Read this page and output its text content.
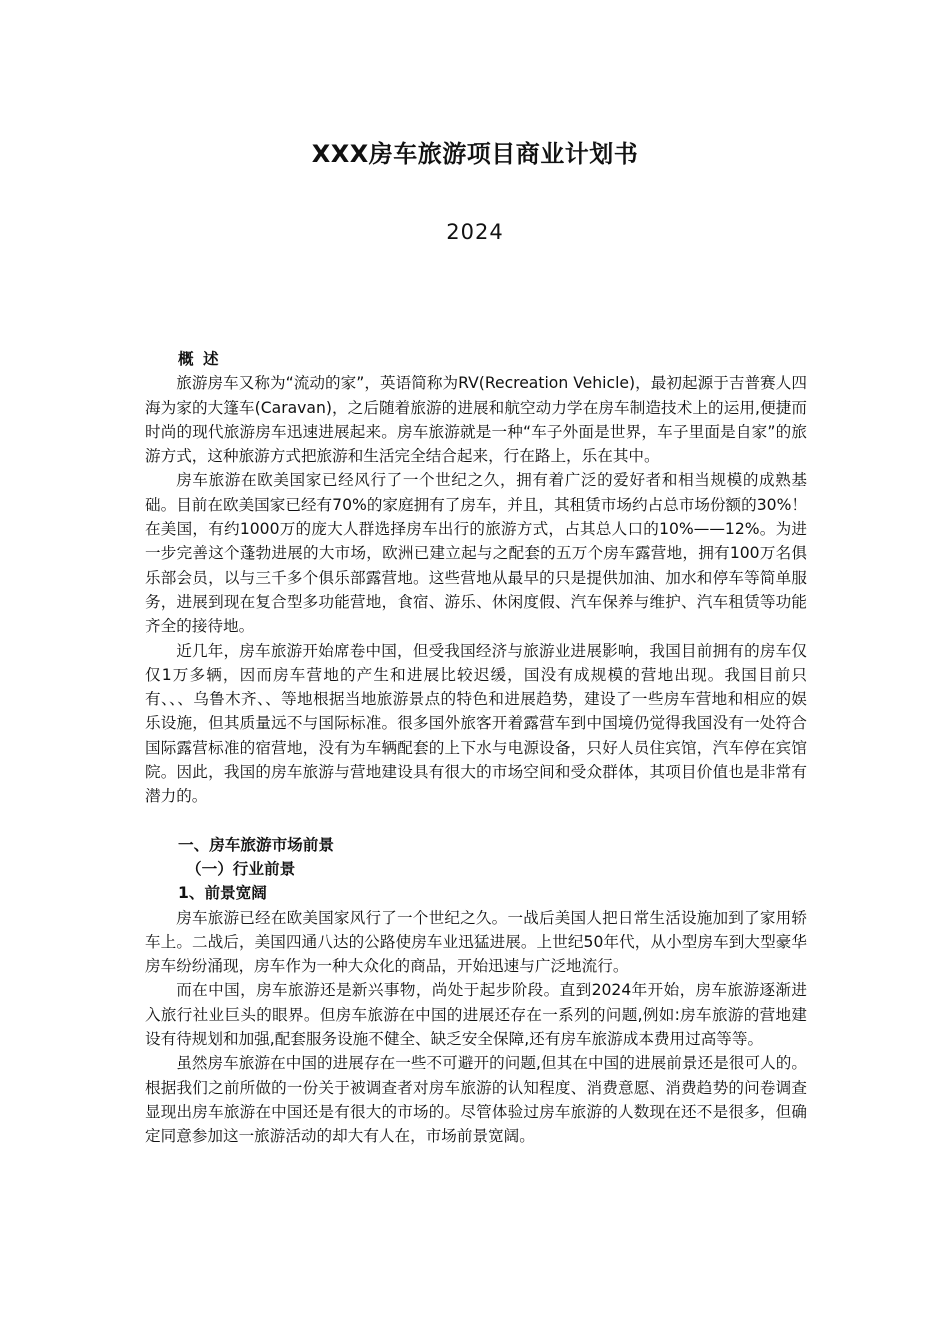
XXX房车旅游项目商业计划书
2024
概 述

旅游房车又称为“流动的家”，英语简称为RV(Recreation Vehicle)，最初起源于吉普赛人四海为家的大篷车(Caravan)，之后随着旅游的进展和航空动力学在房车制造技术上的运用,便捷而时尚的现代旅游房车迅速进展起来。房车旅游就是一种“车子外面是世界，车子里面是自家”的旅游方式，这种旅游方式把旅游和生活完全结合起来，行在路上，乐在其中。

房车旅游在欧美国家已经风行了一个世纪之久，拥有着广泛的爱好者和相当规模的成熟基础。目前在欧美国家已经有70%的家庭拥有了房车，并且，其租赁市场约占总市场份额的30%！在美国，有约1000万的庞大人群选择房车出行的旅游方式，占其总人口的10%——12%。为进一步完善这个蓬勃进展的大市场，欧洲已建立起与之配套的五万个房车露营地，拥有100万名俱乐部会员，以与三千多个俱乐部露营地。这些营地从最早的只是提供加油、加水和停车等简单服务，进展到现在复合型多功能营地，食宿、游乐、休闲度假、汽车保养与维护、汽车租赁等功能齐全的接待地。

近几年，房车旅游开始席卷中国，但受我国经济与旅游业进展影响，我国目前拥有的房车仅仅1万多辆，因而房车营地的产生和进展比较迟缓，国没有成规模的营地出现。我国目前只有、、、乌鲁木齐、、等地根据当地旅游景点的特色和进展趋势，建设了一些房车营地和相应的娱乐设施，但其质量远不与国际标准。很多国外旅客开着露营车到中国境仍觉得我国没有一处符合国际露营标准的宿营地，没有为车辆配套的上下水与电源设备，只好人员住宾馆，汽车停在宾馆院。因此，我国的房车旅游与营地建设具有很大的市场空间和受众群体，其项目价值也是非常有潜力的。

一、房车旅游市场前景
（一）行业前景
1、前景宽阔

房车旅游已经在欧美国家风行了一个世纪之久。一战后美国人把日常生活设施加到了家用轿车上。二战后，美国四通八达的公路使房车业迅猛进展。上世纪50年代，从小型房车到大型豪华房车纷纷涌现，房车作为一种大众化的商品，开始迅速与广泛地流行。

而在中国，房车旅游还是新兴事物，尚处于起步阶段。直到2024年开始，房车旅游逐渐进入旅行社业巨头的眼界。但房车旅游在中国的进展还存在一系列的问题,例如:房车旅游的营地建设有待规划和加强,配套服务设施不健全、缺乏安全保障,还有房车旅游成本费用过高等等。

虽然房车旅游在中国的进展存在一些不可避开的问题,但其在中国的进展前景还是很可人的。根据我们之前所做的一份关于被调查者对房车旅游的认知程度、消费意愿、消费趋势的问卷调查显现出房车旅游在中国还是有很大的市场的。尽管体验过房车旅游的人数现在还不是很多，但确定同意参加这一旅游活动的却大有人在，市场前景宽阔。
